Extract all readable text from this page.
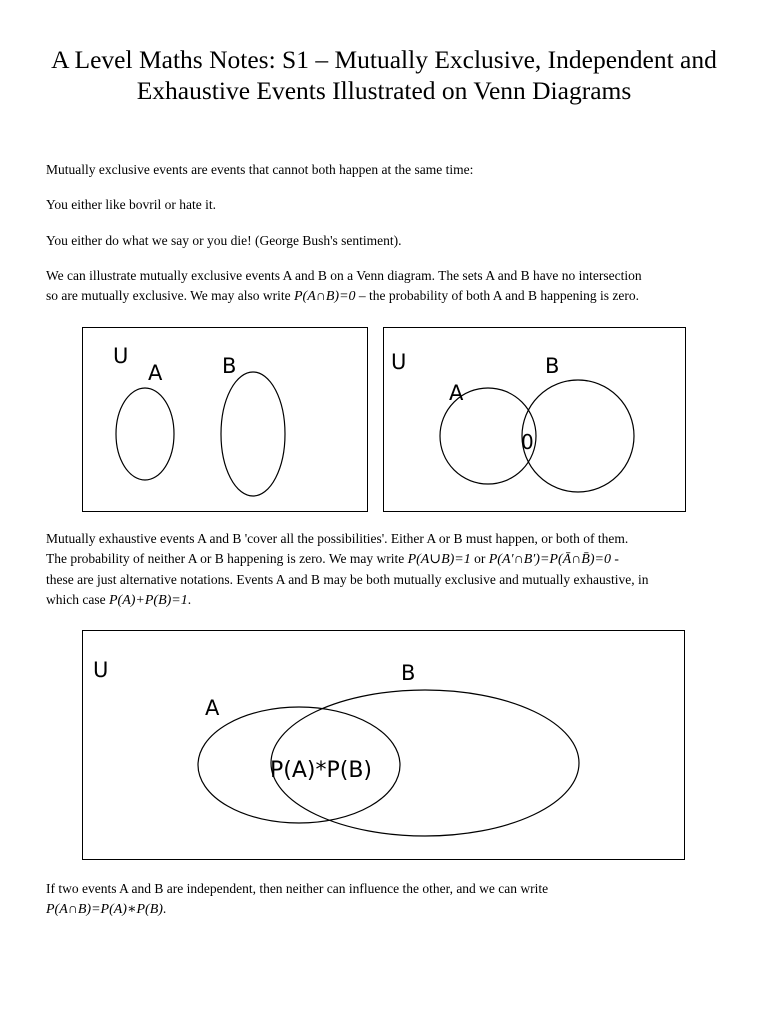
A Level Maths Notes: S1 – Mutually Exclusive, Independent and
Exhaustive Events Illustrated on Venn Diagrams
Mutually exclusive events are events that cannot both happen at the same time:
You either like bovril or hate it.
You either do what we say or you die! (George Bush's sentiment).
We can illustrate mutually exclusive events A and B on a Venn diagram. The sets A and B have no intersection
so are mutually exclusive. We may also write P(A∩B)=0 – the probability of both A and B happening is zero.
U
A	B	U	B
A
0
Mutually exhaustive events A and B 'cover all the possibilities'. Either A or B must happen, or both of them.
The probability of neither A or B happening is zero. We may write P(A∪B)=1 or P(A′∩B′)=P(Ā∩B̄)=0 -
these are just alternative notations. Events A and B may be both mutually exclusive and mutually exhaustive, in
which case P(A)+P(B)=1.
U	B
A
P(A)*P(B)
If two events A and B are independent, then neither can influence the other, and we can write
P(A∩B)=P(A)∗P(B).
